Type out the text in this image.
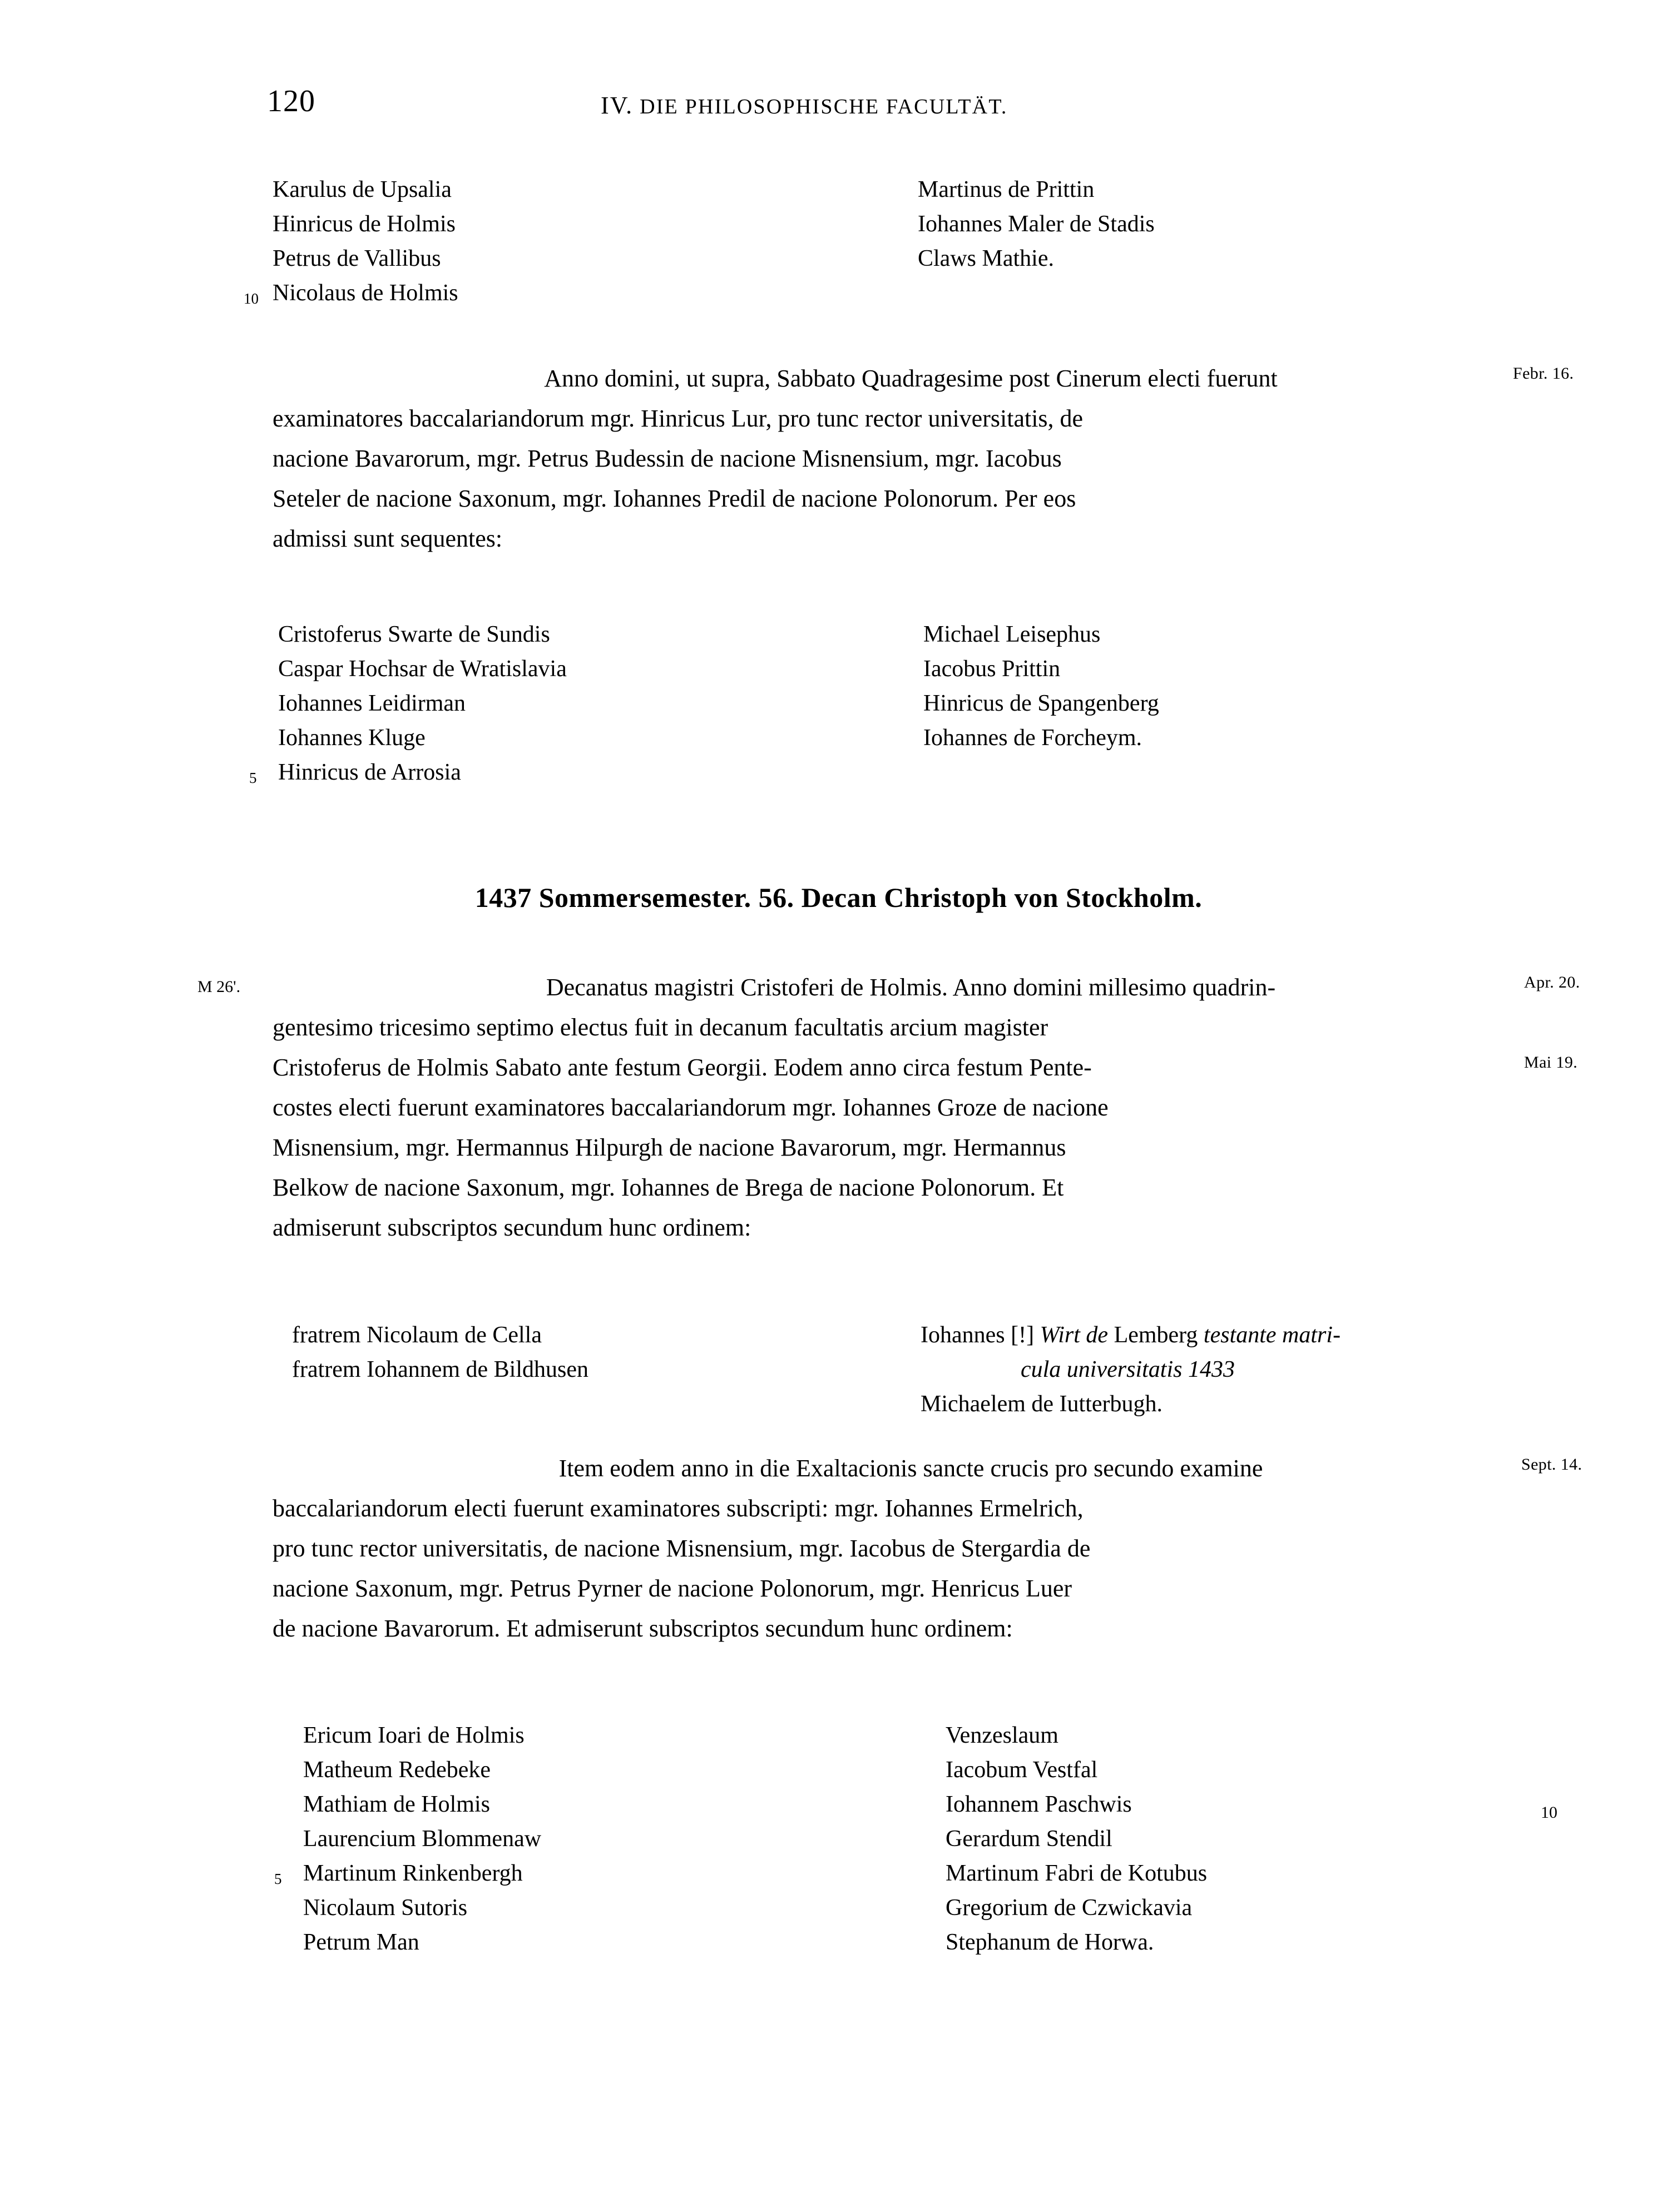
120	IV. DIE PHILOSOPHISCHE FACULTÄT.
Karulus de Upsalia
Hinricus de Holmis
Petrus de Vallibus
10 Nicolaus de Holmis
Martinus de Prittin
Iohannes Maler de Stadis
Claws Mathie.
Anno domini, ut supra, Sabbato Quadragesime post Cinerum electi fuerunt
examinatores baccalariandorum mgr. Hinricus Lur, pro tunc rector universitatis, de
nacione Bavarorum, mgr. Petrus Budessin de nacione Misnensium, mgr. Iacobus
Seteler de nacione Saxonum, mgr. Iohannes Predil de nacione Polonorum. Per eos
admissi sunt sequentes:
Febr. 16.
Cristoferus Swarte de Sundis
Caspar Hochsar de Wratislavia
Iohannes Leidirman
Iohannes Kluge
5 Hinricus de Arrosia
Michael Leisephus
Iacobus Prittin
Hinricus de Spangenberg
Iohannes de Forcheym.
1437 Sommersemester. 56. Decan Christoph von Stockholm.
M 26'.	Decanatus magistri Cristoferi de Holmis. Anno domini millesimo quadrin-
gentesimo tricesimo septimo electus fuit in decanum facultatis arcium magister
Cristoferus de Holmis Sabato ante festum Georgii. Eodem anno circa festum Pente-
costes electi fuerunt examinatores baccalariandorum mgr. Iohannes Groze de nacione
Misnensium, mgr. Hermannus Hilpurgh de nacione Bavarorum, mgr. Hermannus
Belkow de nacione Saxonum, mgr. Iohannes de Brega de nacione Polonorum. Et
admiserunt subscriptos secundum hunc ordinem:
Apr. 20.
Mai 19.
fratrem Nicolaum de Cella
fratrem Iohannem de Bildhusen
Iohannes [!] Wirt de Lemberg testante matri-
cula universitatis 1433
Michaelem de Iutterbugh.
Item eodem anno in die Exaltacionis sancte crucis pro secundo examine
baccalariandorum electi fuerunt examinatores subscripti: mgr. Iohannes Ermelrich,
pro tunc rector universitatis, de nacione Misnensium, mgr. Iacobus de Stergardia de
nacione Saxonum, mgr. Petrus Pyrner de nacione Polonorum, mgr. Henricus Luer
de nacione Bavarorum. Et admiserunt subscriptos secundum hunc ordinem:
Sept. 14.
Ericum Ioari de Holmis
Matheum Redebeke
Mathiam de Holmis
Laurencium Blommenaw
5 Martinum Rinkenbergh
Nicolaum Sutoris
Petrum Man
Venzeslaum
Iacobum Vestfal
Iohannem Paschwis
Gerardum Stendil
Martinum Fabri de Kotubus
Gregorium de Czwickavia
Stephanum de Horwa.
10
